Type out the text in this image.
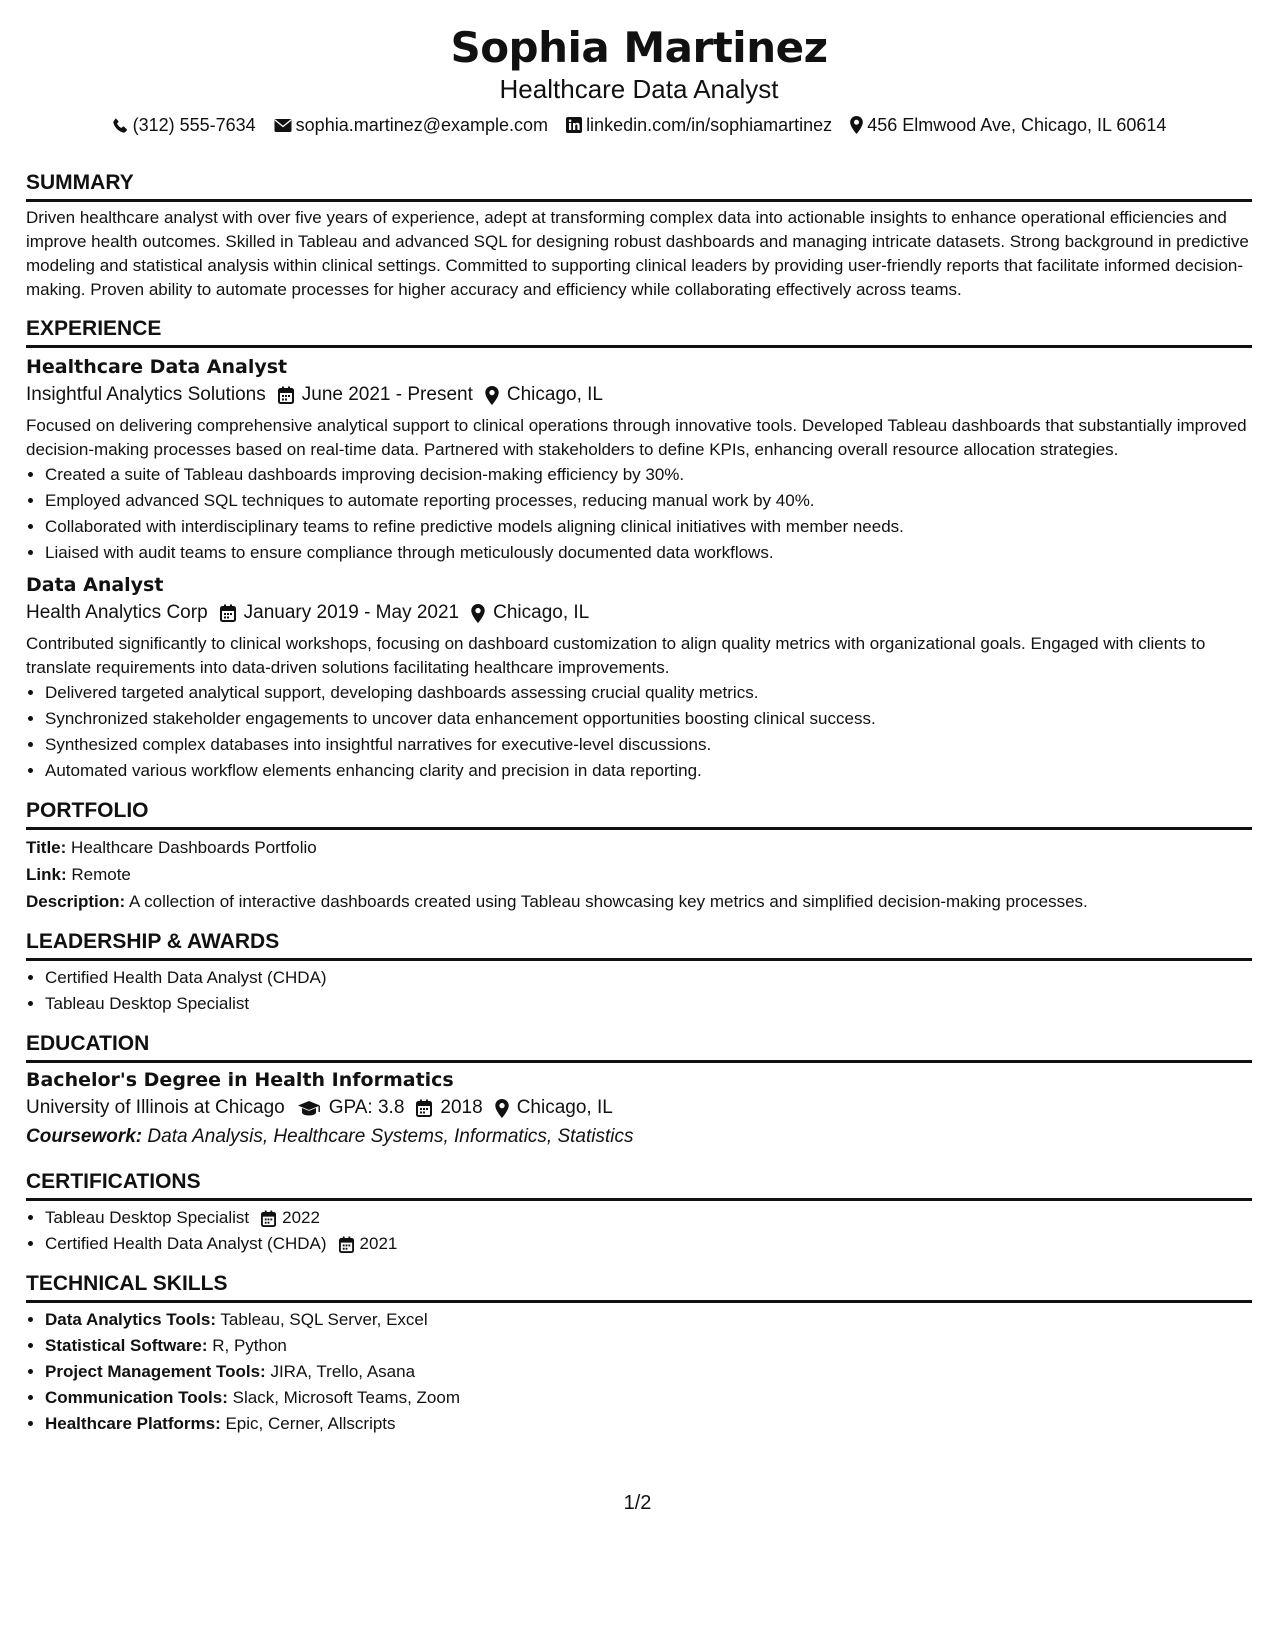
Sophia Martinez
Healthcare Data Analyst
(312) 555-7634 sophia.martinez@example.com linkedin.com/in/sophiamartinez 456 Elmwood Ave, Chicago, IL 60614
SUMMARY

Driven healthcare analyst with over five years of experience, adept at transforming complex data into actionable insights to enhance operational efficiencies and improve health outcomes. Skilled in Tableau and advanced SQL for designing robust dashboards and managing intricate datasets. Strong background in predictive modeling and statistical analysis within clinical settings. Committed to supporting clinical leaders by providing user-friendly reports that facilitate informed decision-making. Proven ability to automate processes for higher accuracy and efficiency while collaborating effectively across teams.

EXPERIENCE
Healthcare Data Analyst
Insightful Analytics Solutions June 2021 - Present Chicago, IL

Focused on delivering comprehensive analytical support to clinical operations through innovative tools. Developed Tableau dashboards that substantially improved decision-making processes based on real-time data. Partnered with stakeholders to define KPIs, enhancing overall resource allocation strategies.

• Created a suite of Tableau dashboards improving decision-making efficiency by 30%.
• Employed advanced SQL techniques to automate reporting processes, reducing manual work by 40%.
• Collaborated with interdisciplinary teams to refine predictive models aligning clinical initiatives with member needs.
• Liaised with audit teams to ensure compliance through meticulously documented data workflows.
Data Analyst
Health Analytics Corp January 2019 - May 2021 Chicago, IL

Contributed significantly to clinical workshops, focusing on dashboard customization to align quality metrics with organizational goals. Engaged with clients to translate requirements into data-driven solutions facilitating healthcare improvements.

• Delivered targeted analytical support, developing dashboards assessing crucial quality metrics.
• Synchronized stakeholder engagements to uncover data enhancement opportunities boosting clinical success.
• Synthesized complex databases into insightful narratives for executive-level discussions.
• Automated various workflow elements enhancing clarity and precision in data reporting.
PORTFOLIO
Title: Healthcare Dashboards Portfolio
Link: Remote
Description: A collection of interactive dashboards created using Tableau showcasing key metrics and simplified decision-making processes.
LEADERSHIP & AWARDS
• Certified Health Data Analyst (CHDA)
• Tableau Desktop Specialist
EDUCATION
Bachelor's Degree in Health Informatics
University of Illinois at Chicago GPA: 3.8 2018 Chicago, IL
Coursework: Data Analysis, Healthcare Systems, Informatics, Statistics
CERTIFICATIONS
• Tableau Desktop Specialist 2022
• Certified Health Data Analyst (CHDA) 2021
TECHNICAL SKILLS
• Data Analytics Tools: Tableau, SQL Server, Excel
• Statistical Software: R, Python
• Project Management Tools: JIRA, Trello, Asana
• Communication Tools: Slack, Microsoft Teams, Zoom
• Healthcare Platforms: Epic, Cerner, Allscripts
1/2
